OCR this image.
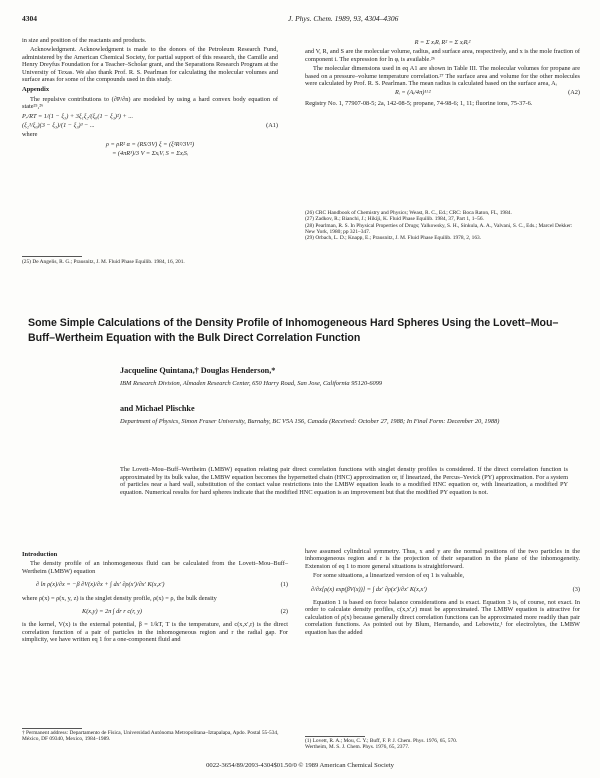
4304	J. Phys. Chem. 1989, 93, 4304–4306

in size and position of the reactants and products.

Acknowledgment. Acknowledgment is made to the donors of the Petroleum Research Fund, administered by the American Chemical Society, for partial support of this research, the Camille and Henry Dreyfus Foundation for a Teacher–Scholar grant, and the Separations Research Program at the University of Texas. We also thank Prof. R. S. Pearlman for calculating the molecular volumes and surface areas for some of the compounds used in this study.

Appendix

The repulsive contributions to (∂P/∂n) are modeled by using a hard convex body equation of state²⁵,²⁶

Pᵣ/RT = 1/(1 − ξ₃) + 3ξ₁ξ₂/(ξ₀(1 − ξ₃)²) + ...
(ξ₂³/ξ₀)(3 − ξ₃)/(1 − ξ₃)³ − ...	(A1)

where

ρ = ρR² α = (RS/3V) ξ = (ξ²R²/3V²)
= (4πR³)/3 V = ΣxᵢVᵢ S = ΣxᵢSᵢ
(25) De Angelis, R. G.; Prausnitz, J. M. Fluid Phase Equilib. 1984, 16, 201.
R = Σ xᵢRᵢ R² = Σ xᵢRᵢ²

and V, R, and S are the molecular volume, radius, and surface area, respectively, and x is the mole fraction of component i. The expression for ln φᵢ is available.²⁶

The molecular dimensions used in eq A1 are shown in Table III. The molecular volumes for propane are based on a pressure–volume temperature correlation.²⁷ The surface area and volume for the other molecules were calculated by Prof. R. S. Pearlman. The mean radius is calculated based on the surface area, Aᵢ

Rᵢ = (Aᵢ/4π)¹ᴸ²	(A2)

Registry No. 1, 77907-08-5; 2a, 142-08-5; propane, 74-98-6; 1, 11; fluorine ions, 75-37-6.

(26) CRC Handbook of Chemistry and Physics; Weast, R. C., Ed.; CRC: Boca Raton, FL, 1984.
(27) Zadkov, R.; Bianchi, J.; Hikiji, K. Fluid Phase Equilib. 1984, 37, Part 1, 1–56.
(28) Pearlman, R. S. In Physical Properties of Drugs; Yalkowsky, S. H., Sinkula, A. A., Valvani, S. C., Eds.; Marcel Dekker: New York, 1980; pp 321–347.
(29) Orbach, L. D.; Knapp, E.; Prausnitz, J. M. Fluid Phase Equilib. 1978, 2, 163.
Some Simple Calculations of the Density Profile of Inhomogeneous Hard Spheres Using the Lovett–Mou–Buff–Wertheim Equation with the Bulk Direct Correlation Function
Jacqueline Quintana,† Douglas Henderson,*
IBM Research Division, Almaden Research Center, 650 Harry Road, San Jose, California 95120-6099
and Michael Plischke
Department of Physics, Simon Fraser University, Burnaby, BC V5A 1S6, Canada (Received: October 27, 1988; In Final Form: December 20, 1988)
The Lovett–Mou–Buff–Wertheim (LMBW) equation relating pair direct correlation functions with singlet density profiles is considered. If the direct correlation function is approximated by its bulk value, the LMBW equation becomes the hypernetted chain (HNC) approximation or, if linearized, the Percus–Yevick (PY) approximation. For a system of particles near a hard wall, substitution of the contact value restrictions into the LMBW equation leads to a modified HNC equation or, with linearization, a modified PY equation. Numerical results for hard spheres indicate that the modified HNC equation is an improvement but that the modified PY equation is not.
Introduction

The density profile of an inhomogeneous fluid can be calculated from the Lovett–Mou–Buff–Wertheim (LMBW) equation

∂ ln ρ(x)/∂x = −β ∂V(x)/∂x + ∫ dx′ ∂ρ(x′)/∂x′ K(x,x′)	(1)

where ρ(x) = ρ(x, y, z) is the singlet density profile, ρ(x) = ρ, the bulk density

K(x,y) = 2π ∫ dr r c(r, y)	(2)

is the kernel, V(x) is the external potential, β = 1/kT, T is the temperature, and c(x,x′,r) is the direct correlation function of a pair of particles in the inhomogeneous region and r the radial gap. For simplicity, we have written eq 1 for a one-component fluid and

† Permanent address: Departamento de Física, Universidad Autónoma Metropolitana–Iztapalapa, Apdo. Postal 55-534, México, DF 09340, Mexico, 1984–1989.

have assumed cylindrical symmetry. Thus, x and y are the normal positions of the two particles in the inhomogeneous region and r is the projection of their separation in the plane of the inhomogeneity. Extension of eq 1 to more general situations is straightforward.

For some situations, a linearized version of eq 1 is valuable,

∂/∂x[ρ(x) exp(βV(x))] = ∫ dx′ ∂ρ(x′)/∂x′ K(x,x′)	(3)

Equation 1 is based on force balance considerations and is exact. Equation 3 is, of course, not exact. In order to calculate density profiles, c(x,x′,r) must be approximated. The LMBW equation is attractive for calculation of ρ(x) because generally direct correlation functions can be approximated more readily than pair correlation functions. As pointed out by Blum, Hernando, and Lebowitz,¹ for electrolytes, the LMBW equation has the added

(1) Lovett, R. A.; Mou, C. Y.; Buff, F. P. J. Chem. Phys. 1976, 65, 570.
Wertheim, M. S. J. Chem. Phys. 1976, 65, 2377.
0022-3654/89/2093-4304$01.50/0 © 1989 American Chemical Society
